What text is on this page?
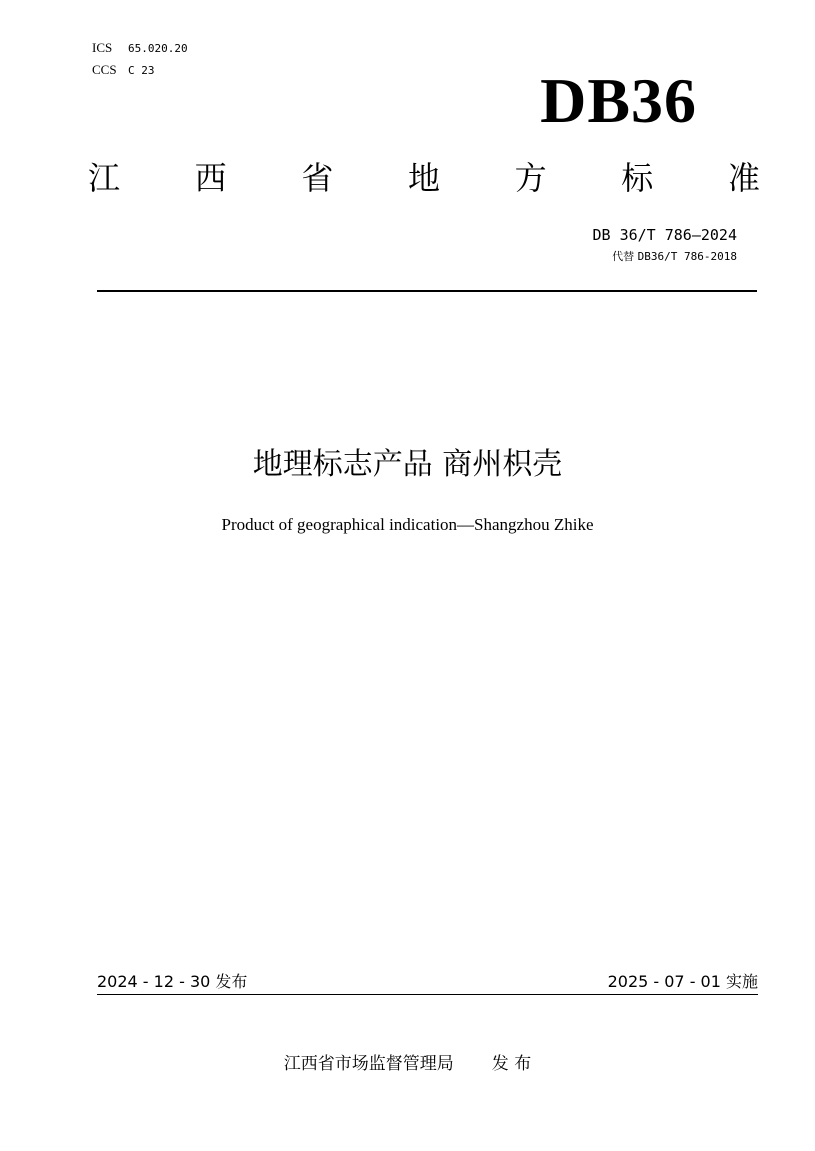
ICS 65.020.20
CCS C 23	DB36
江 西 省 地 方 标 准
DB 36/T 786—2024
代替 DB36/T 786-2018
地理标志产品 商州枳壳
Product of geographical indication—Shangzhou Zhike
2024 - 12 - 30 发布	2025 - 07 - 01 实施
江西省市场监督管理局 发 布
